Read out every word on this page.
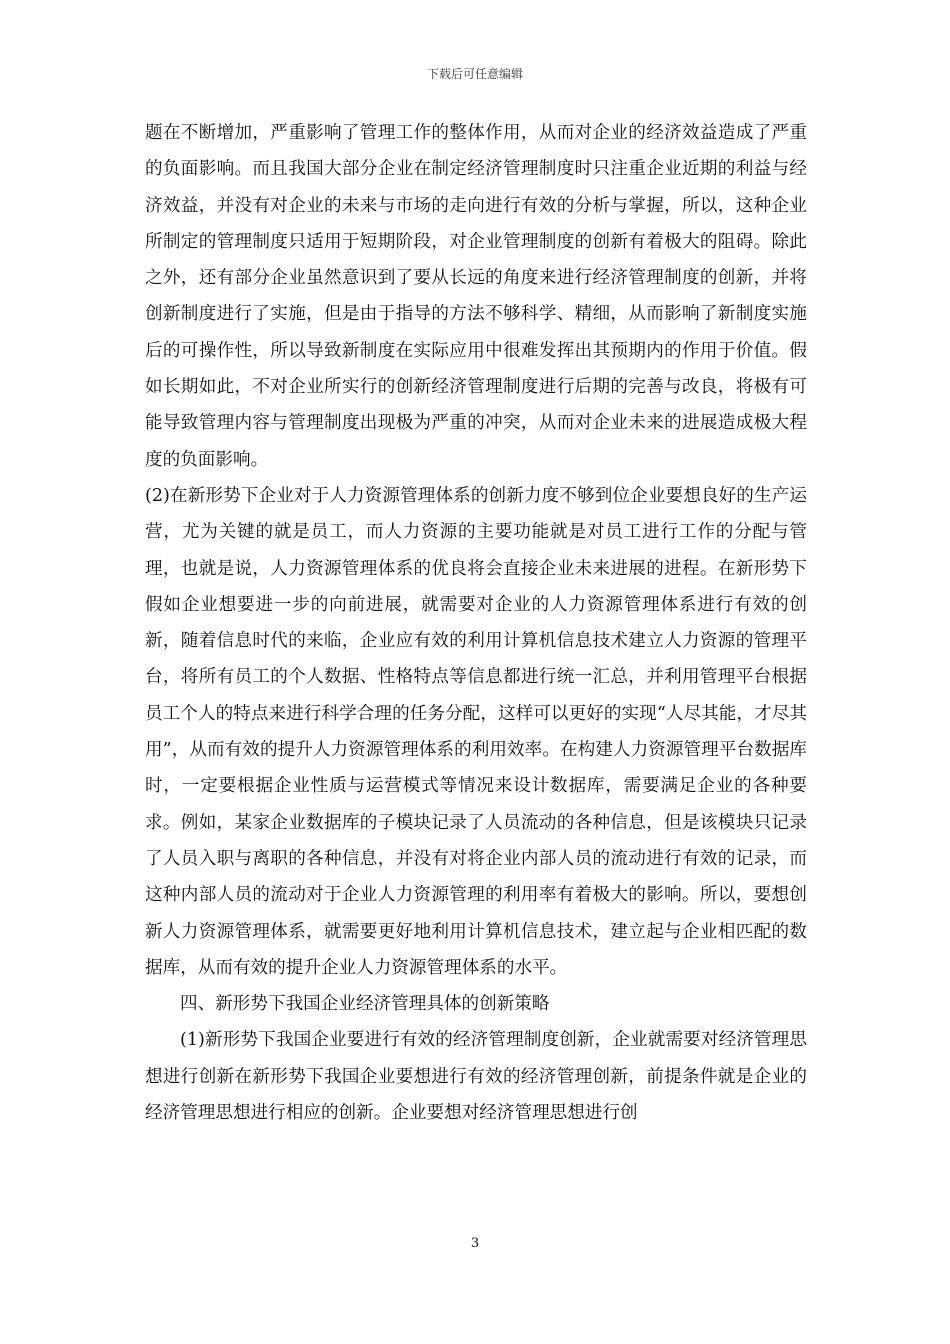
下载后可任意编辑

题在不断增加，严重影响了管理工作的整体作用，从而对企业的经济效益造成了严重的负面影响。而且我国大部分企业在制定经济管理制度时只注重企业近期的利益与经济效益，并没有对企业的未来与市场的走向进行有效的分析与掌握，所以，这种企业所制定的管理制度只适用于短期阶段，对企业管理制度的创新有着极大的阻碍。除此之外，还有部分企业虽然意识到了要从长远的角度来进行经济管理制度的创新，并将创新制度进行了实施，但是由于指导的方法不够科学、精细，从而影响了新制度实施后的可操作性，所以导致新制度在实际应用中很难发挥出其预期内的作用于价值。假如长期如此，不对企业所实行的创新经济管理制度进行后期的完善与改良，将极有可能导致管理内容与管理制度出现极为严重的冲突，从而对企业未来的进展造成极大程度的负面影响。

(2)在新形势下企业对于人力资源管理体系的创新力度不够到位企业要想良好的生产运营，尤为关键的就是员工，而人力资源的主要功能就是对员工进行工作的分配与管理，也就是说，人力资源管理体系的优良将会直接企业未来进展的进程。在新形势下假如企业想要进一步的向前进展，就需要对企业的人力资源管理体系进行有效的创新，随着信息时代的来临，企业应有效的利用计算机信息技术建立人力资源的管理平台，将所有员工的个人数据、性格特点等信息都进行统一汇总，并利用管理平台根据员工个人的特点来进行科学合理的任务分配，这样可以更好的实现“人尽其能，才尽其用”，从而有效的提升人力资源管理体系的利用效率。在构建人力资源管理平台数据库时，一定要根据企业性质与运营模式等情况来设计数据库，需要满足企业的各种要求。例如，某家企业数据库的子模块记录了人员流动的各种信息，但是该模块只记录了人员入职与离职的各种信息，并没有对将企业内部人员的流动进行有效的记录，而这种内部人员的流动对于企业人力资源管理的利用率有着极大的影响。所以，要想创新人力资源管理体系，就需要更好地利用计算机信息技术，建立起与企业相匹配的数据库，从而有效的提升企业人力资源管理体系的水平。

四、新形势下我国企业经济管理具体的创新策略

(1)新形势下我国企业要进行有效的经济管理制度创新，企业就需要对经济管理思想进行创新在新形势下我国企业要想进行有效的经济管理创新，前提条件就是企业的经济管理思想进行相应的创新。企业要想对经济管理思想进行创

3
